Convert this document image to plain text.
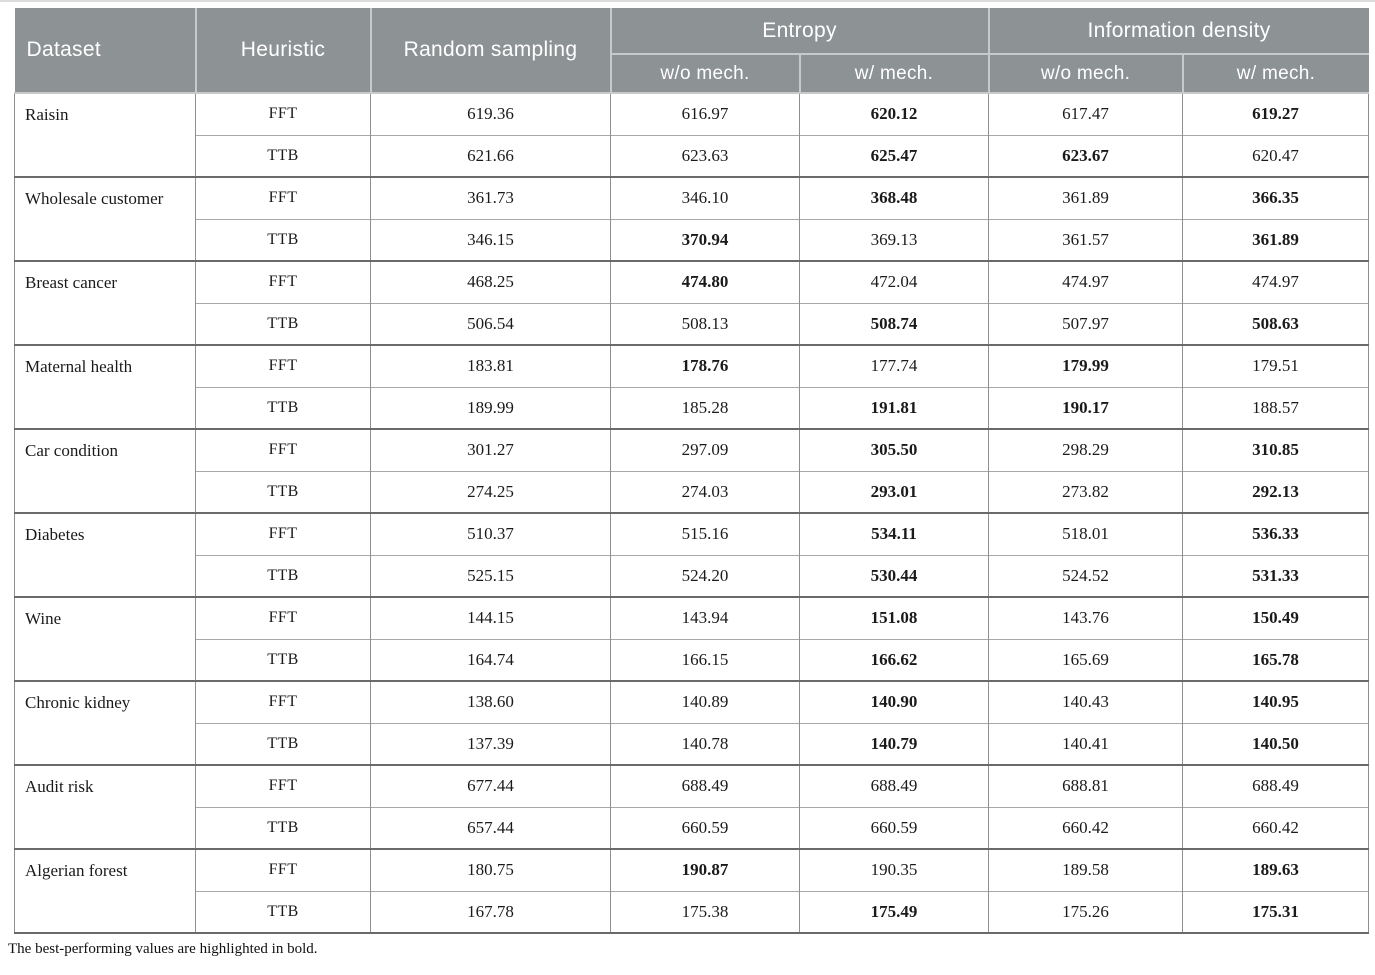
Dataset	Heuristic	Random sampling	Entropy		Information density	
			w/o mech.	w/ mech.	w/o mech.	w/ mech.
Raisin	FFT	619.36	616.97	620.12	617.47	619.27
	TTB	621.66	623.63	625.47	623.67	620.47
Wholesale customer	FFT	361.73	346.10	368.48	361.89	366.35
	TTB	346.15	370.94	369.13	361.57	361.89
Breast cancer	FFT	468.25	474.80	472.04	474.97	474.97
	TTB	506.54	508.13	508.74	507.97	508.63
Maternal health	FFT	183.81	178.76	177.74	179.99	179.51
	TTB	189.99	185.28	191.81	190.17	188.57
Car condition	FFT	301.27	297.09	305.50	298.29	310.85
	TTB	274.25	274.03	293.01	273.82	292.13
Diabetes	FFT	510.37	515.16	534.11	518.01	536.33
	TTB	525.15	524.20	530.44	524.52	531.33
Wine	FFT	144.15	143.94	151.08	143.76	150.49
	TTB	164.74	166.15	166.62	165.69	165.78
Chronic kidney	FFT	138.60	140.89	140.90	140.43	140.95
	TTB	137.39	140.78	140.79	140.41	140.50
Audit risk	FFT	677.44	688.49	688.49	688.81	688.49
	TTB	657.44	660.59	660.59	660.42	660.42
Algerian forest	FFT	180.75	190.87	190.35	189.58	189.63
	TTB	167.78	175.38	175.49	175.26	175.31
The best-performing values are highlighted in bold.
